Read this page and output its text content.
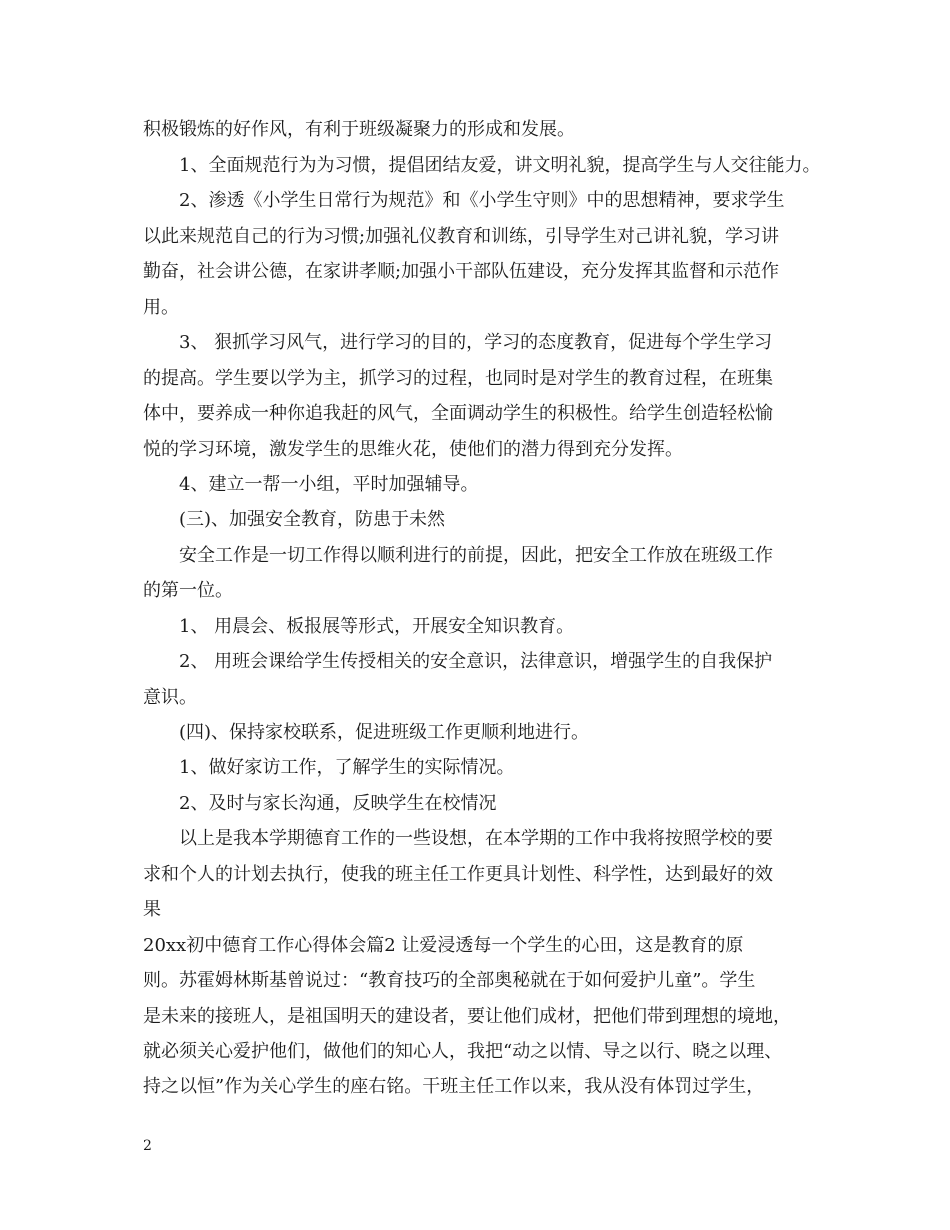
积极锻炼的好作风，有利于班级凝聚力的形成和发展。
1、全面规范行为为习惯，提倡团结友爱，讲文明礼貌，提高学生与人交往能力。
2、渗透《小学生日常行为规范》和《小学生守则》中的思想精神，要求学生
以此来规范自己的行为习惯;加强礼仪教育和训练，引导学生对己讲礼貌，学习讲
勤奋，社会讲公德，在家讲孝顺;加强小干部队伍建设，充分发挥其监督和示范作
用。
3、 狠抓学习风气，进行学习的目的，学习的态度教育，促进每个学生学习
的提高。学生要以学为主，抓学习的过程，也同时是对学生的教育过程，在班集
体中，要养成一种你追我赶的风气，全面调动学生的积极性。给学生创造轻松愉
悦的学习环境，激发学生的思维火花，使他们的潜力得到充分发挥。
4、建立一帮一小组，平时加强辅导。
(三)、加强安全教育，防患于未然
安全工作是一切工作得以顺利进行的前提，因此，把安全工作放在班级工作
的第一位。
1、 用晨会、板报展等形式，开展安全知识教育。
2、 用班会课给学生传授相关的安全意识，法律意识，增强学生的自我保护
意识。
(四)、保持家校联系，促进班级工作更顺利地进行。
1、做好家访工作，了解学生的实际情况。
2、及时与家长沟通，反映学生在校情况
以上是我本学期德育工作的一些设想，在本学期的工作中我将按照学校的要
求和个人的计划去执行，使我的班主任工作更具计划性、科学性，达到最好的效
果
20xx初中德育工作心得体会篇2 让爱浸透每一个学生的心田，这是教育的原
则。苏霍姆林斯基曾说过：“教育技巧的全部奥秘就在于如何爱护儿童”。学生
是未来的接班人，是祖国明天的建设者，要让他们成材，把他们带到理想的境地，
就必须关心爱护他们，做他们的知心人，我把“动之以情、导之以行、晓之以理、
持之以恒”作为关心学生的座右铭。干班主任工作以来，我从没有体罚过学生，
2
